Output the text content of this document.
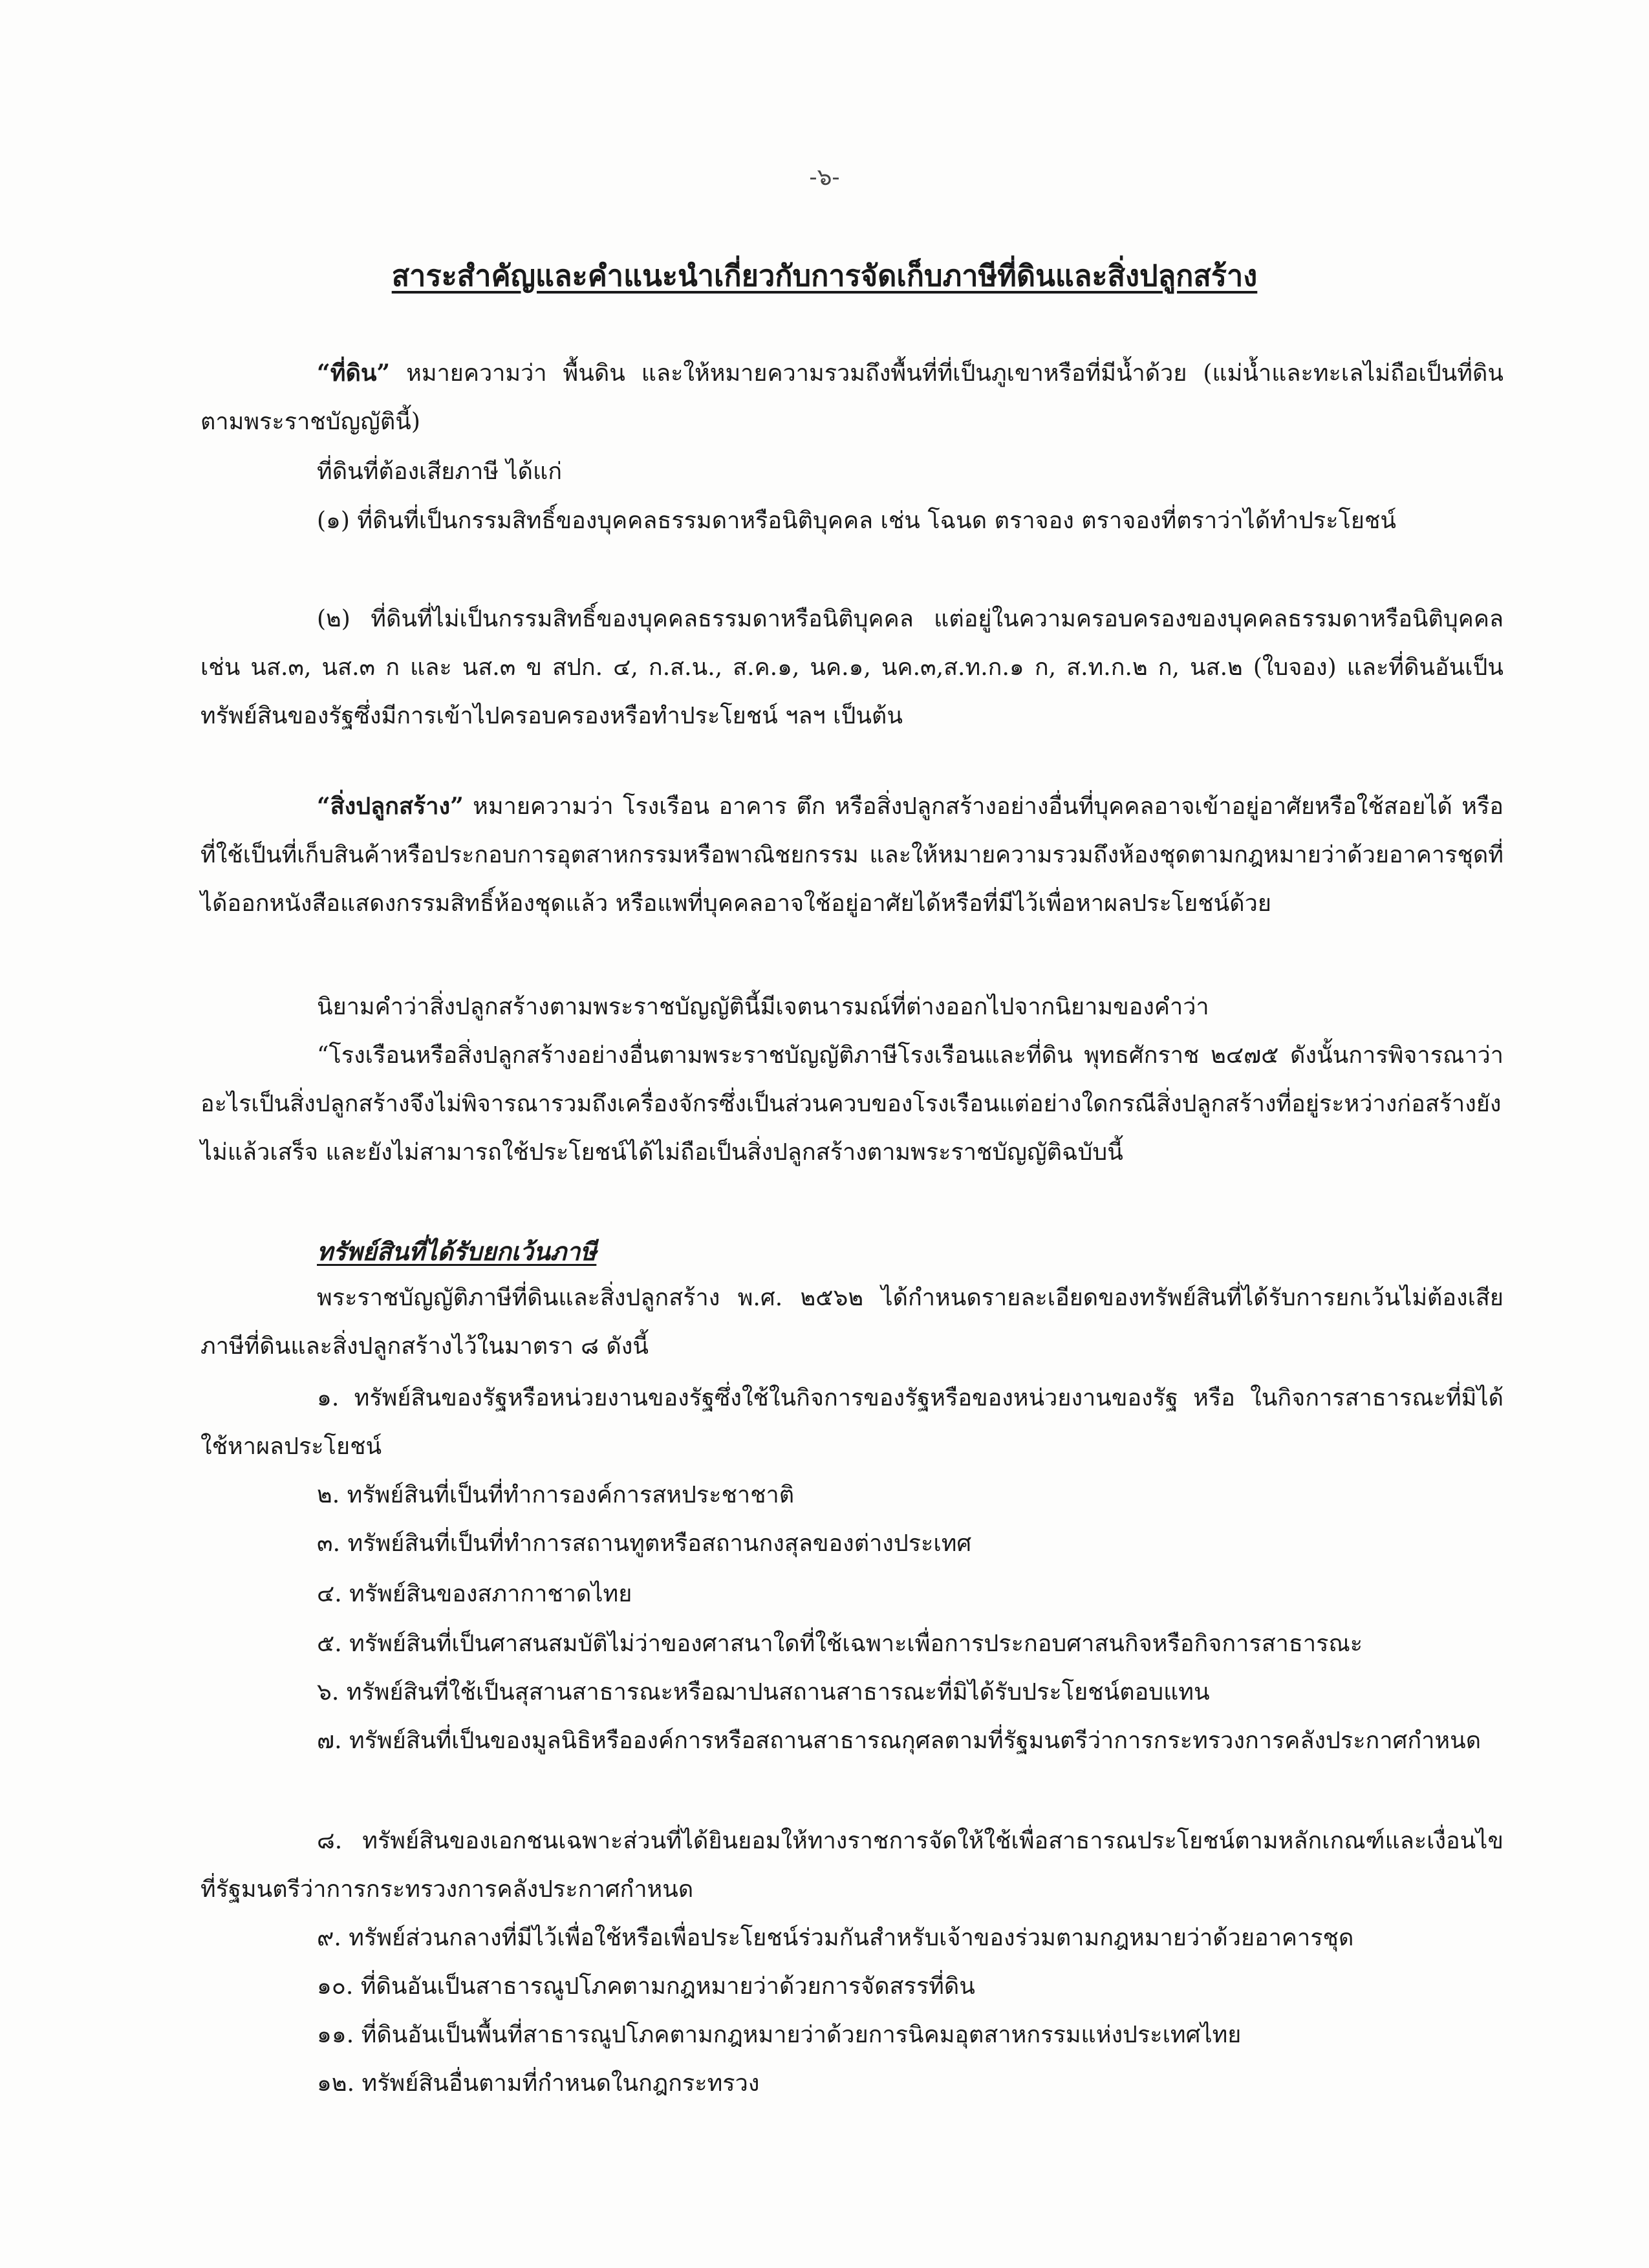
-๖-
สาระสำคัญและคำแนะนำเกี่ยวกับการจัดเก็บภาษีที่ดินและสิ่งปลูกสร้าง

“ที่ดิน” หมายความว่า พื้นดิน และให้หมายความรวมถึงพื้นที่ที่เป็นภูเขาหรือที่มีน้ำด้วย (แม่น้ำและทะเลไม่ถือเป็นที่ดินตามพระราชบัญญัตินี้)

ที่ดินที่ต้องเสียภาษี ได้แก่

(๑) ที่ดินที่เป็นกรรมสิทธิ์ของบุคคลธรรมดาหรือนิติบุคคล เช่น โฉนด ตราจอง ตราจองที่ตราว่าได้ทำประโยชน์

(๒) ที่ดินที่ไม่เป็นกรรมสิทธิ์ของบุคคลธรรมดาหรือนิติบุคคล แต่อยู่ในความครอบครองของบุคคลธรรมดาหรือนิติบุคคล เช่น นส.๓, นส.๓ ก และ นส.๓ ข สปก. ๔, ก.ส.น., ส.ค.๑, นค.๑, นค.๓,ส.ท.ก.๑ ก, ส.ท.ก.๒ ก, นส.๒ (ใบจอง) และที่ดินอันเป็นทรัพย์สินของรัฐซึ่งมีการเข้าไปครอบครองหรือทำประโยชน์ ฯลฯ เป็นต้น

“สิ่งปลูกสร้าง” หมายความว่า โรงเรือน อาคาร ตึก หรือสิ่งปลูกสร้างอย่างอื่นที่บุคคลอาจเข้าอยู่อาศัยหรือใช้สอยได้ หรือที่ใช้เป็นที่เก็บสินค้าหรือประกอบการอุตสาหกรรมหรือพาณิชยกรรม และให้หมายความรวมถึงห้องชุดตามกฎหมายว่าด้วยอาคารชุดที่ได้ออกหนังสือแสดงกรรมสิทธิ์ห้องชุดแล้ว หรือแพที่บุคคลอาจใช้อยู่อาศัยได้หรือที่มีไว้เพื่อหาผลประโยชน์ด้วย

นิยามคำว่าสิ่งปลูกสร้างตามพระราชบัญญัตินี้มีเจตนารมณ์ที่ต่างออกไปจากนิยามของคำว่า

“โรงเรือนหรือสิ่งปลูกสร้างอย่างอื่นตามพระราชบัญญัติภาษีโรงเรือนและที่ดิน พุทธศักราช ๒๔๗๕ ดังนั้นการพิจารณาว่าอะไรเป็นสิ่งปลูกสร้างจึงไม่พิจารณารวมถึงเครื่องจักรซึ่งเป็นส่วนควบของโรงเรือนแต่อย่างใดกรณีสิ่งปลูกสร้างที่อยู่ระหว่างก่อสร้างยังไม่แล้วเสร็จ และยังไม่สามารถใช้ประโยชน์ได้ไม่ถือเป็นสิ่งปลูกสร้างตามพระราชบัญญัติฉบับนี้

ทรัพย์สินที่ได้รับยกเว้นภาษี

พระราชบัญญัติภาษีที่ดินและสิ่งปลูกสร้าง พ.ศ. ๒๕๖๒ ได้กำหนดรายละเอียดของทรัพย์สินที่ได้รับการยกเว้นไม่ต้องเสียภาษีที่ดินและสิ่งปลูกสร้างไว้ในมาตรา ๘ ดังนี้

๑. ทรัพย์สินของรัฐหรือหน่วยงานของรัฐซึ่งใช้ในกิจการของรัฐหรือของหน่วยงานของรัฐ หรือ ในกิจการสาธารณะที่มิได้ใช้หาผลประโยชน์

๒. ทรัพย์สินที่เป็นที่ทำการองค์การสหประชาชาติ

๓. ทรัพย์สินที่เป็นที่ทำการสถานทูตหรือสถานกงสุลของต่างประเทศ

๔. ทรัพย์สินของสภากาชาดไทย

๕. ทรัพย์สินที่เป็นศาสนสมบัติไม่ว่าของศาสนาใดที่ใช้เฉพาะเพื่อการประกอบศาสนกิจหรือกิจการสาธารณะ

๖. ทรัพย์สินที่ใช้เป็นสุสานสาธารณะหรือฌาปนสถานสาธารณะที่มิได้รับประโยชน์ตอบแทน

๗. ทรัพย์สินที่เป็นของมูลนิธิหรือองค์การหรือสถานสาธารณกุศลตามที่รัฐมนตรีว่าการกระทรวงการคลังประกาศกำหนด

๘. ทรัพย์สินของเอกชนเฉพาะส่วนที่ได้ยินยอมให้ทางราชการจัดให้ใช้เพื่อสาธารณประโยชน์ตามหลักเกณฑ์และเงื่อนไขที่รัฐมนตรีว่าการกระทรวงการคลังประกาศกำหนด

๙. ทรัพย์ส่วนกลางที่มีไว้เพื่อใช้หรือเพื่อประโยชน์ร่วมกันสำหรับเจ้าของร่วมตามกฎหมายว่าด้วยอาคารชุด

๑๐. ที่ดินอันเป็นสาธารณูปโภคตามกฎหมายว่าด้วยการจัดสรรที่ดิน

๑๑. ที่ดินอันเป็นพื้นที่สาธารณูปโภคตามกฎหมายว่าด้วยการนิคมอุตสาหกรรมแห่งประเทศไทย

๑๒. ทรัพย์สินอื่นตามที่กำหนดในกฎกระทรวง
